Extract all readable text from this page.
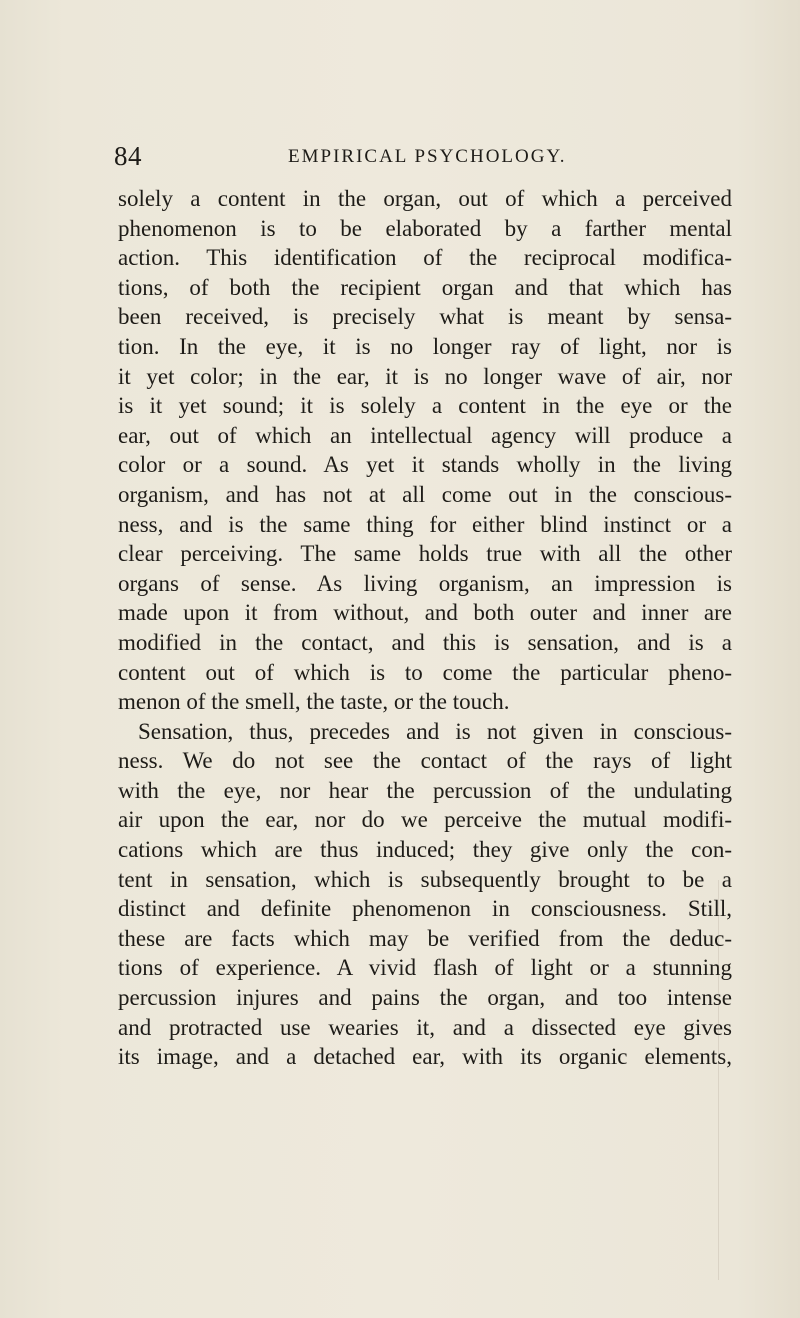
84	EMPIRICAL PSYCHOLOGY.
solely a content in the organ, out of which a perceived
phenomenon is to be elaborated by a farther mental
action. This identification of the reciprocal modifica-
tions, of both the recipient organ and that which has
been received, is precisely what is meant by sensa-
tion. In the eye, it is no longer ray of light, nor is
it yet color; in the ear, it is no longer wave of air, nor
is it yet sound; it is solely a content in the eye or the
ear, out of which an intellectual agency will produce a
color or a sound. As yet it stands wholly in the living
organism, and has not at all come out in the conscious-
ness, and is the same thing for either blind instinct or a
clear perceiving. The same holds true with all the other
organs of sense. As living organism, an impression is
made upon it from without, and both outer and inner are
modified in the contact, and this is sensation, and is a
content out of which is to come the particular pheno-
menon of the smell, the taste, or the touch.
Sensation, thus, precedes and is not given in conscious-
ness. We do not see the contact of the rays of light
with the eye, nor hear the percussion of the undulating
air upon the ear, nor do we perceive the mutual modifi-
cations which are thus induced; they give only the con-
tent in sensation, which is subsequently brought to be a
distinct and definite phenomenon in consciousness. Still,
these are facts which may be verified from the deduc-
tions of experience. A vivid flash of light or a stunning
percussion injures and pains the organ, and too intense
and protracted use wearies it, and a dissected eye gives
its image, and a detached ear, with its organic elements,
